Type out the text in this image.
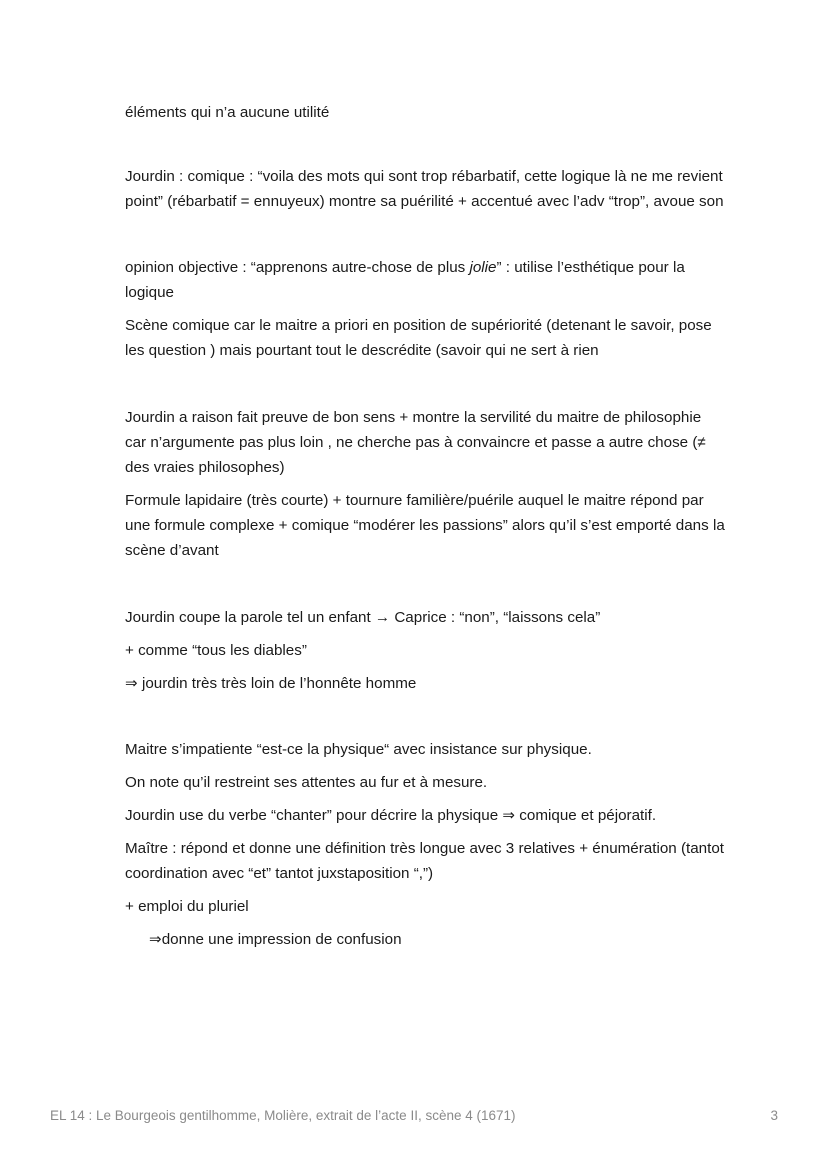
éléments qui n’a aucune utilité

Jourdin : comique : “voila des mots qui sont trop rébarbatif, cette logique là ne me revient point” (rébarbatif = ennuyeux) montre sa puérilité + accentué avec l’adv “trop”, avoue son

opinion objective : “apprenons autre-chose de plus jolie” : utilise l’esthétique pour la logique

Scène comique car le maitre a priori en position de supériorité (detenant le savoir, pose les question ) mais pourtant tout le descrédite (savoir qui ne sert à rien

Jourdin a raison fait preuve de bon sens + montre la servilité du maitre de philosophie car n’argumente pas plus loin , ne cherche pas à convaincre et passe a autre chose (≠ des vraies philosophes)

Formule lapidaire (très courte) + tournure familière/puérile auquel le maitre répond par une formule complexe + comique “modérer les passions” alors qu’il s’est emporté dans la scène d’avant

Jourdin coupe la parole tel un enfant → Caprice : “non”, “laissons cela”

+ comme “tous les diables”

⇒ jourdin très très loin de l’honnête homme

Maitre s’impatiente “est-ce la physique“ avec insistance sur physique.

On note qu’il restreint ses attentes au fur et à mesure.

Jourdin use du verbe “chanter” pour décrire la physique ⇒ comique et péjoratif.

Maître : répond et donne une définition très longue avec 3 relatives + énumération (tantot coordination avec “et” tantot juxstaposition “,”)

+ emploi du pluriel

⇒donne une impression de confusion

EL 14 : Le Bourgeois gentilhomme, Molière, extrait de l’acte II, scène 4 (1671)	3
